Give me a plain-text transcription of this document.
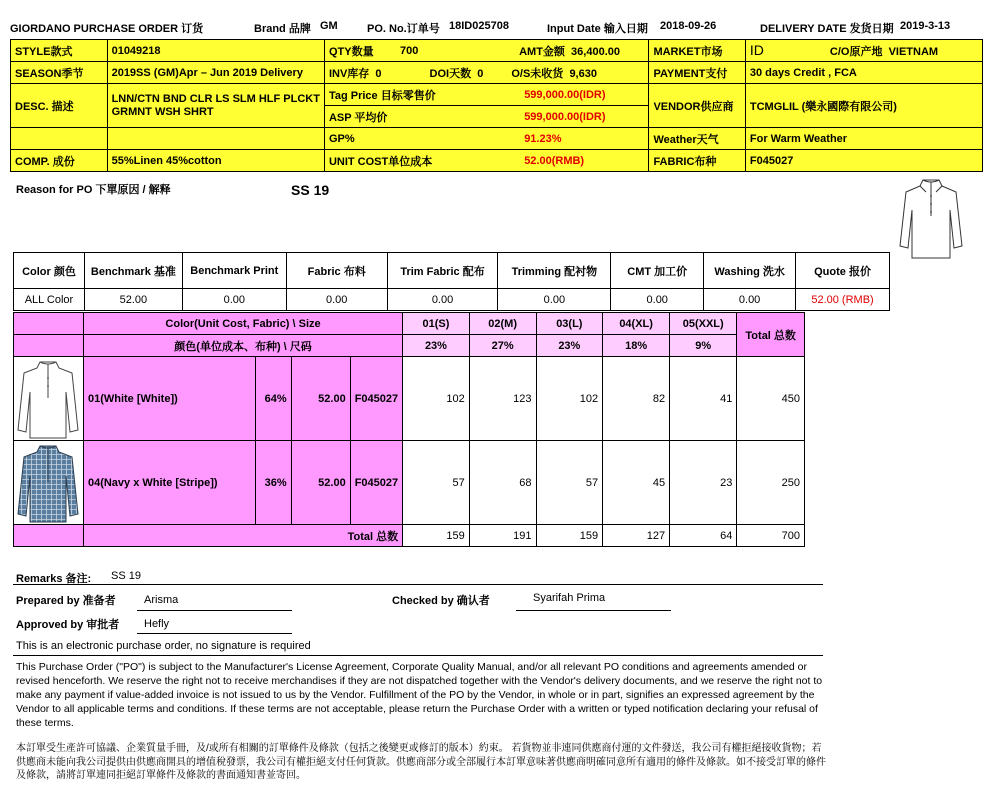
GIORDANO PURCHASE ORDER 订货	Brand 品牌 GM	PO. No.订单号 18ID025708	Input Date 输入日期 2018-09-26	DELIVERY DATE 发货日期 2019-3-13
STYLE款式	01049218	QTY数量	700	AMT金额 36,400.00	MARKET市场	ID C/O原产地 VIETNAM
SEASON季节	2019SS (GM)Apr – Jun 2019 Delivery	INV库存 0 DOI天数 0 O/S未收货 9,630			PAYMENT支付	30 days Credit , FCA
DESC. 描述	LNN/CTN BND CLR LS SLM HLF PLCKT
GRMNT WSH SHRT	Tag Price 目标零售价		599,000.00(IDR)	VENDOR供应商	TCMGLIL (樂永國際有限公司)
		ASP 平均价		599,000.00(IDR)		
		GP%		91.23%	Weather天气	For Warm Weather
COMP. 成份	55%Linen 45%cotton	UNIT COST单位成本		52.00(RMB)	FABRIC布种	F045027
Reason for PO 下單原因 / 解释	SS 19
Color 颜色	Benchmark 基准	Benchmark Print	Fabric 布料	Trim Fabric 配布	Trimming 配衬物	CMT 加工价	Washing 洗水	Quote 报价
ALL Color	52.00	0.00	0.00	0.00	0.00	0.00	0.00	52.00 (RMB)
	Color(Unit Cost, Fabric) \ Size				01(S)	02(M)	03(L)	04(XL)	05(XXL)	Total 总数
	颜色(单位成本、布种) \ 尺码				23%	27%	23%	18%	9%	

	01(White [White])	64%	52.00	F045027	102	123	102	82	41	450

	04(Navy x White [Stripe])	36%	52.00	F045027	57	68	57	45	23	250
	Total 总数				159	191	159	127	64	700
Remarks 备注: SS 19
Prepared by 准备者	Arisma	Checked by 确认者	Syarifah Prima
Approved by 审批者 Hefly
This is an electronic purchase order, no signature is required
This Purchase Order ("PO") is subject to the Manufacturer's License Agreement, Corporate Quality Manual, and/or all relevant PO conditions and agreements amended or revised henceforth. We reserve the right not to receive merchandises if they are not dispatched together with the Vendor's delivery documents, and we reserve the right not to make any payment if value-added invoice is not issued to us by the Vendor. Fulfillment of the PO by the Vendor, in whole or in part, signifies an expressed agreement by the Vendor to all applicable terms and conditions. If these terms are not acceptable, please return the Purchase Order with a written or typed notification declaring your refusal of these terms.
本訂單受生產許可協議、企業質量手冊，及/或所有相關的訂單條件及條款（包括之後變更或修訂的版本）約束。 若貨物並非連同供應商付運的文件發送，我公司有權拒絕接收貨物；若供應商未能向我公司提供由供應商開具的增值稅發票，我公司有權拒絕支付任何貨款。供應商部分或全部履行本訂單意味著供應商明確同意所有適用的條件及條款。如不接受訂單的條件及條款，請將訂單連同拒絕訂單條件及條款的書面通知書並寄回。
